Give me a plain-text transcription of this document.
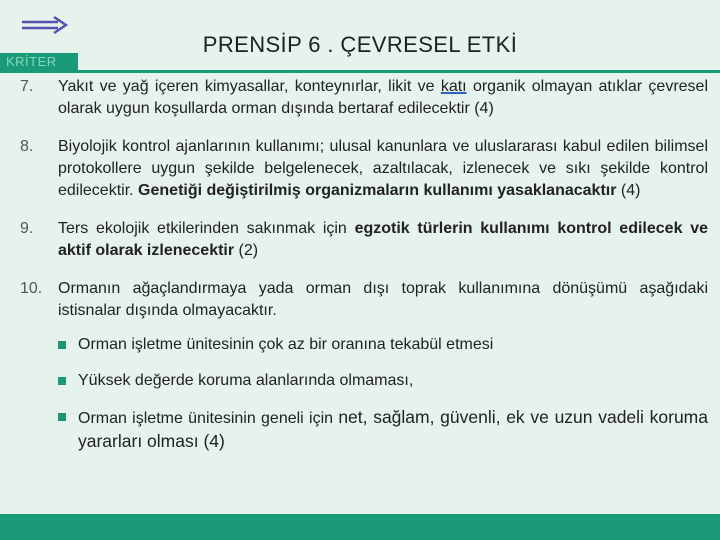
KRİTER
PRENSİP 6 . ÇEVRESEL ETKİ
7.	Yakıt ve yağ içeren kimyasallar, konteynırlar, likit ve katı organik olmayan atıklar çevresel olarak uygun koşullarda orman dışında bertaraf edilecektir (4)
8.	Biyolojik kontrol ajanlarının kullanımı; ulusal kanunlara ve uluslararası kabul edilen bilimsel protokollere uygun şekilde belgelenecek, azaltılacak, izlenecek ve sıkı şekilde kontrol edilecektir. Genetiği değiştirilmiş organizmaların kullanımı yasaklanacaktır (4)
9.	Ters ekolojik etkilerinden sakınmak için egzotik türlerin kullanımı kontrol edilecek ve aktif olarak izlenecektir (2)
10. Ormanın ağaçlandırmaya yada orman dışı toprak kullanımına dönüşümü aşağıdaki istisnalar dışında olmayacaktır.
Orman işletme ünitesinin çok az bir oranına tekabül etmesi
Yüksek değerde koruma alanlarında olmaması,
Orman işletme ünitesinin geneli için net, sağlam, güvenli, ek ve uzun vadeli koruma yararları olması (4)
